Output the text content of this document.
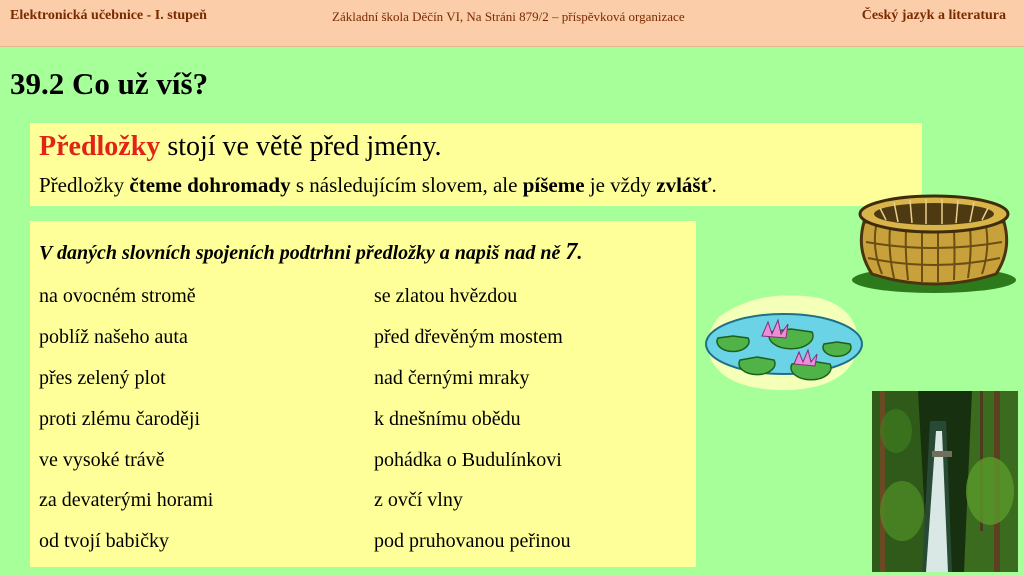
Elektronická učebnice - I. stupeň	Základní škola Děčín VI, Na Stráni 879/2 – příspěvková organizace	Český jazyk a literatura
39.2 Co už víš?
Předložky stojí ve větě před jmény.
Předložky čteme dohromady s následujícím slovem, ale píšeme je vždy zvlášť.
V daných slovních spojeních podtrhni předložky a napiš nad ně 7.
na ovocném stromě	se zlatou hvězdou
poblíž našeho auta	před dřevěným mostem
přes zelený plot	nad černými mraky
proti zlému čaroději	k dnešnímu obědu
ve vysoké trávě	pohádka o Budulínkovi
za devaterými horami	z ovčí vlny
od tvojí babičky	pod pruhovanou peřinou
